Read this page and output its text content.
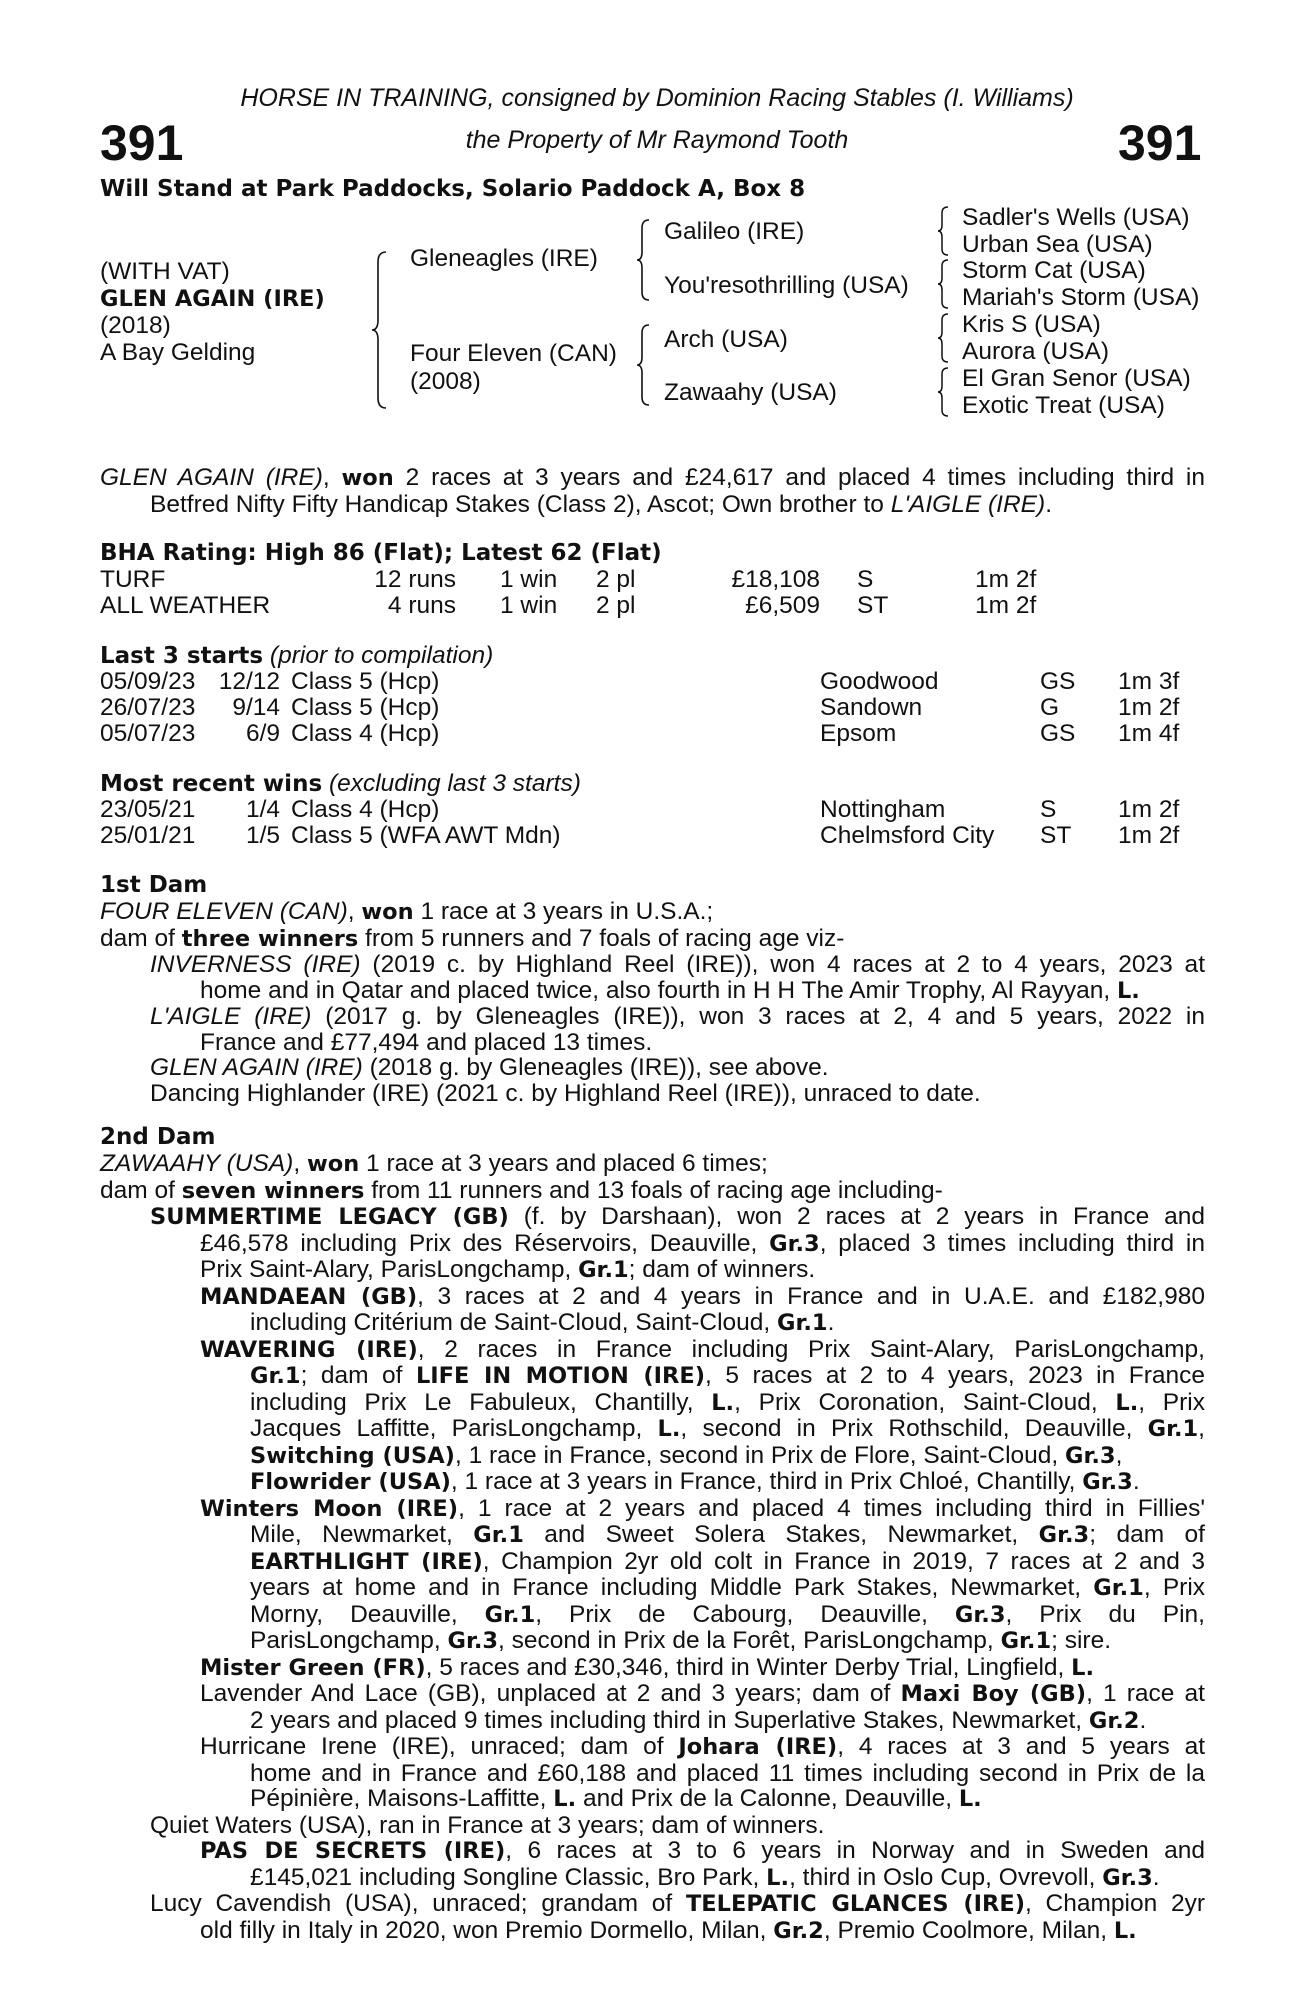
HORSE IN TRAINING, consigned by Dominion Racing Stables (I. Williams)
391	the Property of Mr Raymond Tooth	391
Will Stand at Park Paddocks, Solario Paddock A, Box 8
(WITH VAT)
GLEN AGAIN (IRE)
(2018)
A Bay Gelding
Gleneagles (IRE)
Four Eleven (CAN)
(2008)
Galileo (IRE)
You'resothrilling (USA)
Arch (USA)
Zawaahy (USA)
Sadler's Wells (USA)
Urban Sea (USA)
Storm Cat (USA)
Mariah's Storm (USA)
Kris S (USA)
Aurora (USA)
El Gran Senor (USA)
Exotic Treat (USA)
GLEN AGAIN (IRE), won 2 races at 3 years and £24,617 and placed 4 times including third in
Betfred Nifty Fifty Handicap Stakes (Class 2), Ascot; Own brother to L'AIGLE (IRE).
BHA Rating: High 86 (Flat); Latest 62 (Flat)
TURF	12 runs 1 win 2 pl	£18,108 S	1m 2f
ALL WEATHER	4 runs 1 win 2 pl	£6,509 ST	1m 2f
Last 3 starts (prior to compilation)
05/09/23 12/12 Class 5 (Hcp)	Goodwood	GS 1m 3f
26/07/23	9/14 Class 5 (Hcp)	Sandown	G 1m 2f
05/07/23	6/9 Class 4 (Hcp)	Epsom	GS 1m 4f
Most recent wins (excluding last 3 starts)
23/05/21	1/4 Class 4 (Hcp)	Nottingham	S	1m 2f
25/01/21	1/5 Class 5 (WFA AWT Mdn)	Chelmsford City ST 1m 2f
1st Dam
FOUR ELEVEN (CAN), won 1 race at 3 years in U.S.A.;
dam of three winners from 5 runners and 7 foals of racing age viz-
INVERNESS (IRE) (2019 c. by Highland Reel (IRE)), won 4 races at 2 to 4 years, 2023 at
home and in Qatar and placed twice, also fourth in H H The Amir Trophy, Al Rayyan, L.
L'AIGLE (IRE) (2017 g. by Gleneagles (IRE)), won 3 races at 2, 4 and 5 years, 2022 in
France and £77,494 and placed 13 times.
GLEN AGAIN (IRE) (2018 g. by Gleneagles (IRE)), see above.
Dancing Highlander (IRE) (2021 c. by Highland Reel (IRE)), unraced to date.
2nd Dam
ZAWAAHY (USA), won 1 race at 3 years and placed 6 times;
dam of seven winners from 11 runners and 13 foals of racing age including-
SUMMERTIME LEGACY (GB) (f. by Darshaan), won 2 races at 2 years in France and
£46,578 including Prix des Réservoirs, Deauville, Gr.3, placed 3 times including third in
Prix Saint-Alary, ParisLongchamp, Gr.1; dam of winners.
MANDAEAN (GB), 3 races at 2 and 4 years in France and in U.A.E. and £182,980
including Critérium de Saint-Cloud, Saint-Cloud, Gr.1.
WAVERING (IRE), 2 races in France including Prix Saint-Alary, ParisLongchamp,
Gr.1; dam of LIFE IN MOTION (IRE), 5 races at 2 to 4 years, 2023 in France
including Prix Le Fabuleux, Chantilly, L., Prix Coronation, Saint-Cloud, L., Prix
Jacques Laffitte, ParisLongchamp, L., second in Prix Rothschild, Deauville, Gr.1,
Switching (USA), 1 race in France, second in Prix de Flore, Saint-Cloud, Gr.3,
Flowrider (USA), 1 race at 3 years in France, third in Prix Chloé, Chantilly, Gr.3.
Winters Moon (IRE), 1 race at 2 years and placed 4 times including third in Fillies'
Mile, Newmarket, Gr.1 and Sweet Solera Stakes, Newmarket, Gr.3; dam of
EARTHLIGHT (IRE), Champion 2yr old colt in France in 2019, 7 races at 2 and 3
years at home and in France including Middle Park Stakes, Newmarket, Gr.1, Prix
Morny, Deauville, Gr.1, Prix de Cabourg, Deauville, Gr.3, Prix du Pin,
ParisLongchamp, Gr.3, second in Prix de la Forêt, ParisLongchamp, Gr.1; sire.
Mister Green (FR), 5 races and £30,346, third in Winter Derby Trial, Lingfield, L.
Lavender And Lace (GB), unplaced at 2 and 3 years; dam of Maxi Boy (GB), 1 race at
2 years and placed 9 times including third in Superlative Stakes, Newmarket, Gr.2.
Hurricane Irene (IRE), unraced; dam of Johara (IRE), 4 races at 3 and 5 years at
home and in France and £60,188 and placed 11 times including second in Prix de la
Pépinière, Maisons-Laffitte, L. and Prix de la Calonne, Deauville, L.
Quiet Waters (USA), ran in France at 3 years; dam of winners.
PAS DE SECRETS (IRE), 6 races at 3 to 6 years in Norway and in Sweden and
£145,021 including Songline Classic, Bro Park, L., third in Oslo Cup, Ovrevoll, Gr.3.
Lucy Cavendish (USA), unraced; grandam of TELEPATIC GLANCES (IRE), Champion 2yr
old filly in Italy in 2020, won Premio Dormello, Milan, Gr.2, Premio Coolmore, Milan, L.
